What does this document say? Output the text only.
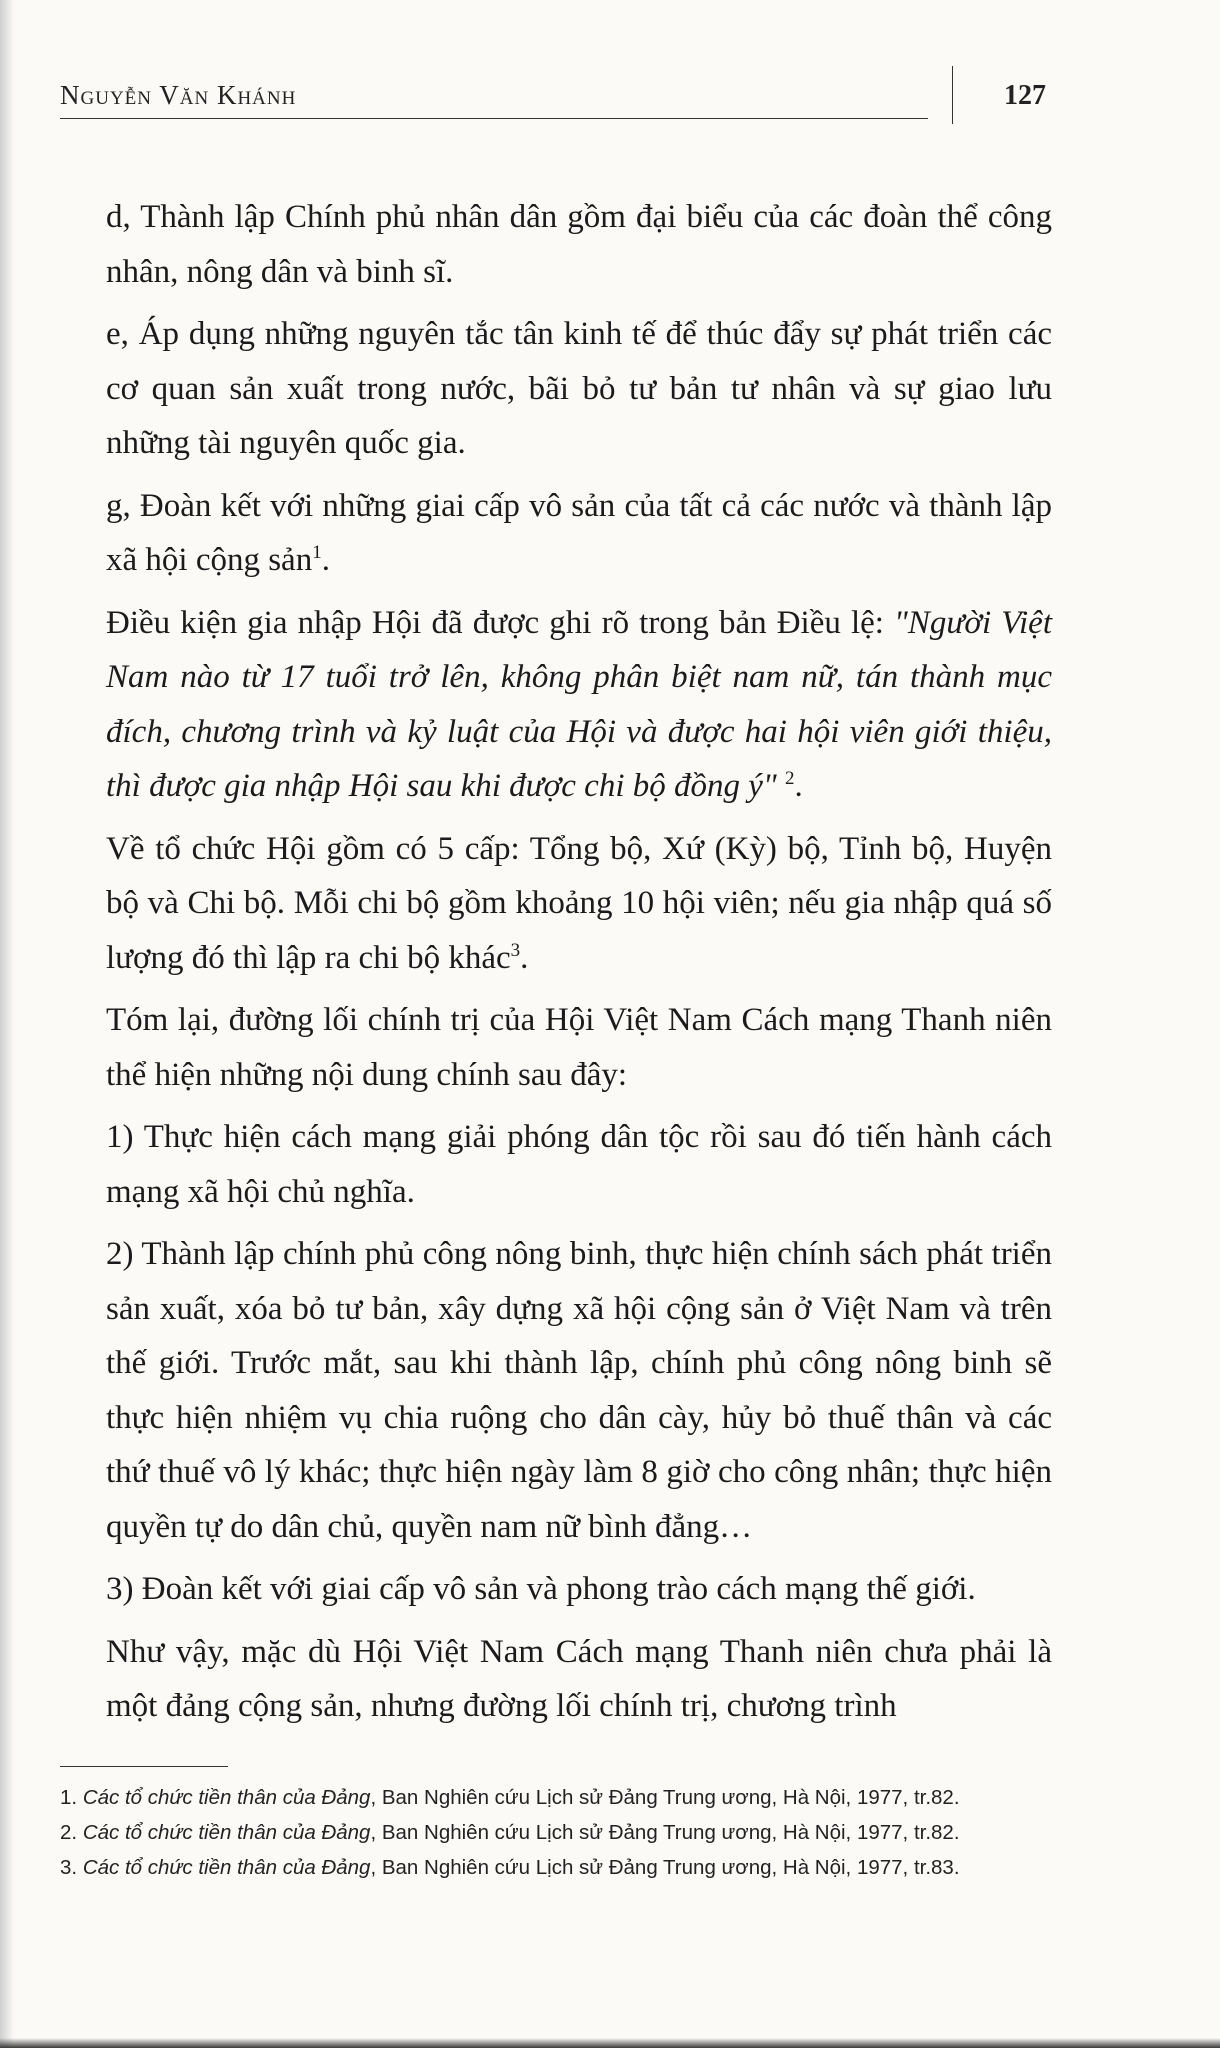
Nguyễn Văn Khánh	127

d, Thành lập Chính phủ nhân dân gồm đại biểu của các đoàn thể công nhân, nông dân và binh sĩ.

e, Áp dụng những nguyên tắc tân kinh tế để thúc đẩy sự phát triển các cơ quan sản xuất trong nước, bãi bỏ tư bản tư nhân và sự giao lưu những tài nguyên quốc gia.

g, Đoàn kết với những giai cấp vô sản của tất cả các nước và thành lập xã hội cộng sản$^1$.

Điều kiện gia nhập Hội đã được ghi rõ trong bản Điều lệ: "Người Việt Nam nào từ 17 tuổi trở lên, không phân biệt nam nữ, tán thành mục đích, chương trình và kỷ luật của Hội và được hai hội viên giới thiệu, thì được gia nhập Hội sau khi được chi bộ đồng ý" $^2$.

Về tổ chức Hội gồm có 5 cấp: Tổng bộ, Xứ (Kỳ) bộ, Tỉnh bộ, Huyện bộ và Chi bộ. Mỗi chi bộ gồm khoảng 10 hội viên; nếu gia nhập quá số lượng đó thì lập ra chi bộ khác$^3$.

Tóm lại, đường lối chính trị của Hội Việt Nam Cách mạng Thanh niên thể hiện những nội dung chính sau đây:

1) Thực hiện cách mạng giải phóng dân tộc rồi sau đó tiến hành cách mạng xã hội chủ nghĩa.

2) Thành lập chính phủ công nông binh, thực hiện chính sách phát triển sản xuất, xóa bỏ tư bản, xây dựng xã hội cộng sản ở Việt Nam và trên thế giới. Trước mắt, sau khi thành lập, chính phủ công nông binh sẽ thực hiện nhiệm vụ chia ruộng cho dân cày, hủy bỏ thuế thân và các thứ thuế vô lý khác; thực hiện ngày làm 8 giờ cho công nhân; thực hiện quyền tự do dân chủ, quyền nam nữ bình đẳng…

3) Đoàn kết với giai cấp vô sản và phong trào cách mạng thế giới.

Như vậy, mặc dù Hội Việt Nam Cách mạng Thanh niên chưa phải là một đảng cộng sản, nhưng đường lối chính trị, chương trình

1. Các tổ chức tiền thân của Đảng, Ban Nghiên cứu Lịch sử Đảng Trung ương, Hà Nội, 1977, tr.82.
2. Các tổ chức tiền thân của Đảng, Ban Nghiên cứu Lịch sử Đảng Trung ương, Hà Nội, 1977, tr.82.
3. Các tổ chức tiền thân của Đảng, Ban Nghiên cứu Lịch sử Đảng Trung ương, Hà Nội, 1977, tr.83.
